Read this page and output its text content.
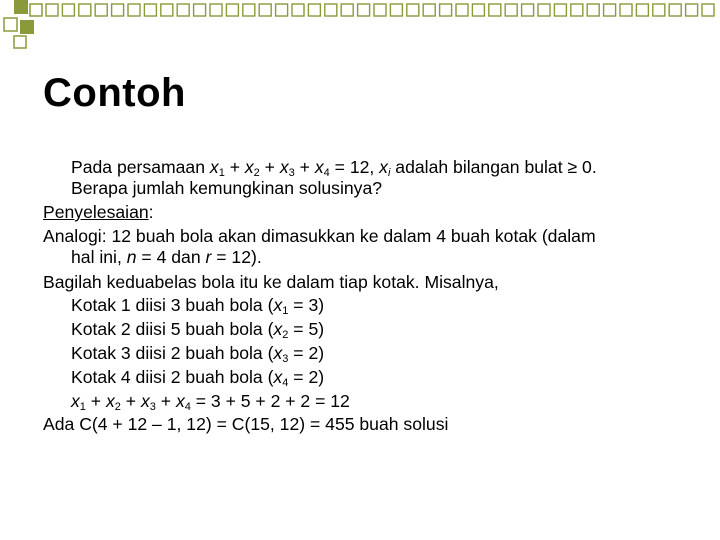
Contoh
Pada persamaan $x_1 + x_2 + x_3 + x_4 = 12$, $x_i$ adalah bilangan bulat ≥ 0.
Berapa jumlah kemungkinan solusinya?
Penyelesaian:
Analogi: 12 buah bola akan dimasukkan ke dalam 4 buah kotak (dalam
hal ini, n = 4 dan r = 12).
Bagilah keduabelas bola itu ke dalam tiap kotak. Misalnya,
Kotak 1 diisi 3 buah bola $(x_1 = 3)$
Kotak 2 diisi 5 buah bola $(x_2 = 5)$
Kotak 3 diisi 2 buah bola $(x_3 = 2)$
Kotak 4 diisi 2 buah bola $(x_4 = 2)$
$x_1 + x_2 + x_3 + x_4 = 3 + 5 + 2 + 2 = 12$
Ada C(4 + 12 – 1, 12) = C(15, 12) = 455 buah solusi
